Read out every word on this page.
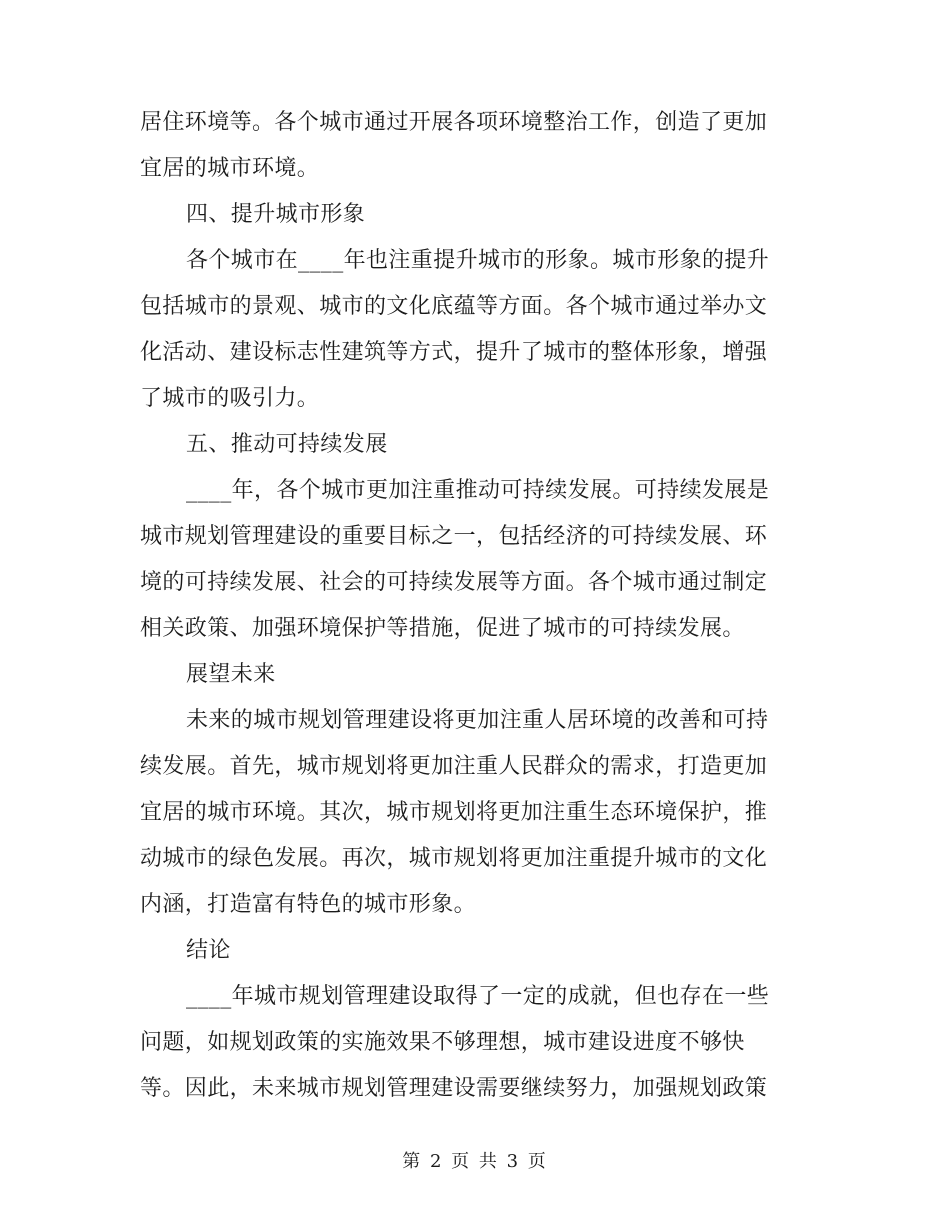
居住环境等。各个城市通过开展各项环境整治工作，创造了更加
宜居的城市环境。
四、提升城市形象
各个城市在____年也注重提升城市的形象。城市形象的提升
包括城市的景观、城市的文化底蕴等方面。各个城市通过举办文
化活动、建设标志性建筑等方式，提升了城市的整体形象，增强
了城市的吸引力。
五、推动可持续发展
____年，各个城市更加注重推动可持续发展。可持续发展是
城市规划管理建设的重要目标之一，包括经济的可持续发展、环
境的可持续发展、社会的可持续发展等方面。各个城市通过制定
相关政策、加强环境保护等措施，促进了城市的可持续发展。
展望未来
未来的城市规划管理建设将更加注重人居环境的改善和可持
续发展。首先，城市规划将更加注重人民群众的需求，打造更加
宜居的城市环境。其次，城市规划将更加注重生态环境保护，推
动城市的绿色发展。再次，城市规划将更加注重提升城市的文化
内涵，打造富有特色的城市形象。
结论
____年城市规划管理建设取得了一定的成就，但也存在一些
问题，如规划政策的实施效果不够理想，城市建设进度不够快
等。因此，未来城市规划管理建设需要继续努力，加强规划政策
第 2 页 共 3 页
